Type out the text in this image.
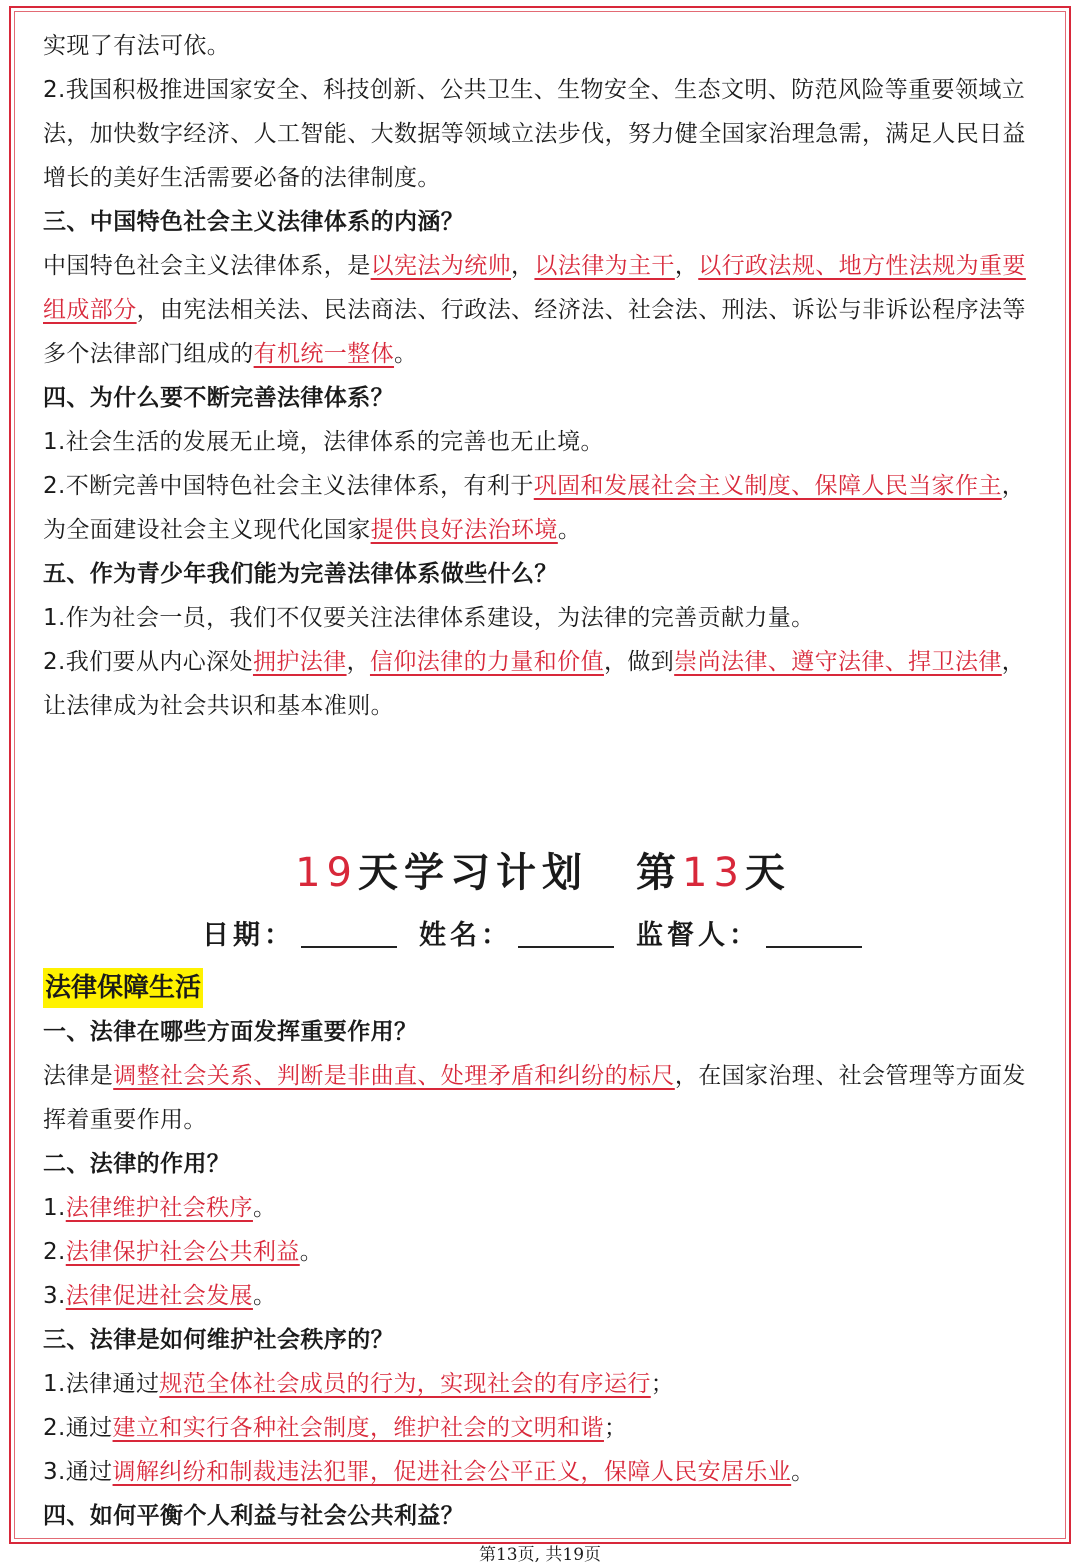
实现了有法可依。

2.我国积极推进国家安全、科技创新、公共卫生、生物安全、生态文明、防范风险等重要领域立法，加快数字经济、人工智能、大数据等领域立法步伐，努力健全国家治理急需，满足人民日益增长的美好生活需要必备的法律制度。

三、中国特色社会主义法律体系的内涵？

中国特色社会主义法律体系，是以宪法为统帅，以法律为主干，以行政法规、地方性法规为重要组成部分，由宪法相关法、民法商法、行政法、经济法、社会法、刑法、诉讼与非诉讼程序法等多个法律部门组成的有机统一整体。

四、为什么要不断完善法律体系？

1.社会生活的发展无止境，法律体系的完善也无止境。

2.不断完善中国特色社会主义法律体系，有利于巩固和发展社会主义制度、保障人民当家作主，为全面建设社会主义现代化国家提供良好法治环境。

五、作为青少年我们能为完善法律体系做些什么？

1.作为社会一员，我们不仅要关注法律体系建设，为法律的完善贡献力量。

2.我们要从内心深处拥护法律，信仰法律的力量和价值，做到崇尚法律、遵守法律、捍卫法律，让法律成为社会共识和基本准则。

19天学习计划 第13天

日期：	姓名：	监督人：

法律保障生活

一、法律在哪些方面发挥重要作用？

法律是调整社会关系、判断是非曲直、处理矛盾和纠纷的标尺，在国家治理、社会管理等方面发挥着重要作用。

二、法律的作用？

1.法律维护社会秩序。

2.法律保护社会公共利益。

3.法律促进社会发展。

三、法律是如何维护社会秩序的？

1.法律通过规范全体社会成员的行为，实现社会的有序运行；

2.通过建立和实行各种社会制度，维护社会的文明和谐；

3.通过调解纠纷和制裁违法犯罪，促进社会公平正义，保障人民安居乐业。

四、如何平衡个人利益与社会公共利益？

第13页, 共19页
